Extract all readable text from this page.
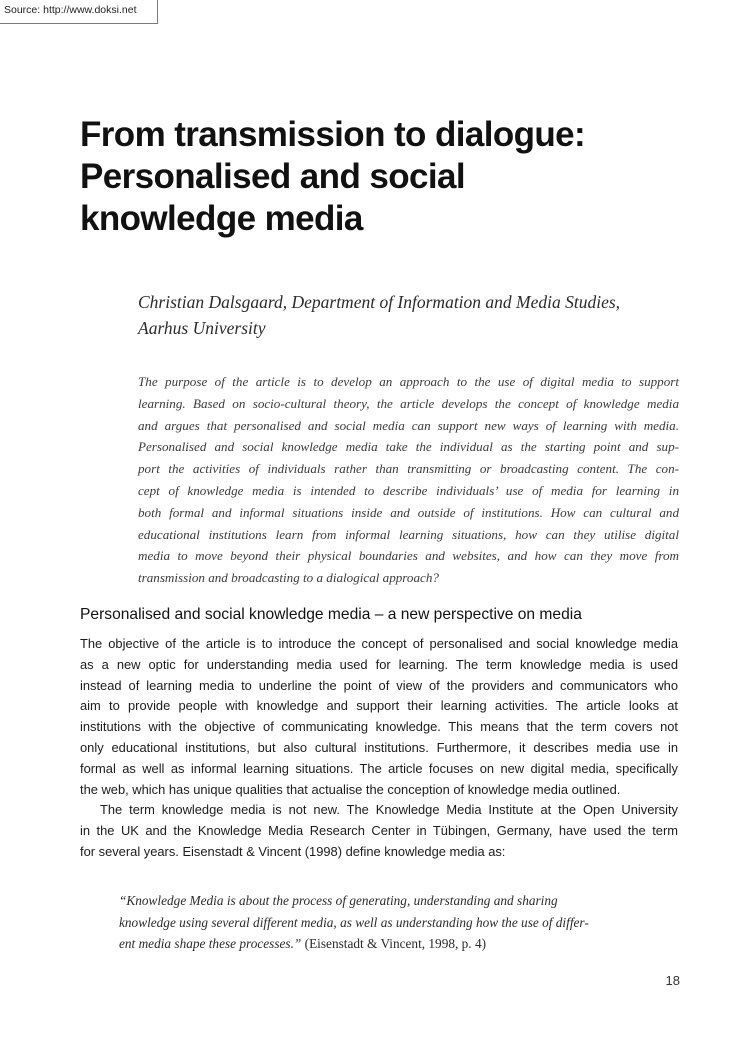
Source: http://www.doksi.net
From transmission to dialogue:
Personalised and social
knowledge media

Christian Dalsgaard, Department of Information and Media Studies,
Aarhus University

The purpose of the article is to develop an approach to the use of digital media to support
learning. Based on socio-cultural theory, the article develops the concept of knowledge media
and argues that personalised and social media can support new ways of learning with media.
Personalised and social knowledge media take the individual as the starting point and sup-
port the activities of individuals rather than transmitting or broadcasting content. The con-
cept of knowledge media is intended to describe individuals’ use of media for learning in
both formal and informal situations inside and outside of institutions. How can cultural and
educational institutions learn from informal learning situations, how can they utilise digital
media to move beyond their physical boundaries and websites, and how can they move from
transmission and broadcasting to a dialogical approach?
Personalised and social knowledge media – a new perspective on media
The objective of the article is to introduce the concept of personalised and social knowledge media
as a new optic for understanding media used for learning. The term knowledge media is used
instead of learning media to underline the point of view of the providers and communicators who
aim to provide people with knowledge and support their learning activities. The article looks at
institutions with the objective of communicating knowledge. This means that the term covers not
only educational institutions, but also cultural institutions. Furthermore, it describes media use in
formal as well as informal learning situations. The article focuses on new digital media, specifically
the web, which has unique qualities that actualise the conception of knowledge media outlined.
The term knowledge media is not new. The Knowledge Media Institute at the Open University
in the UK and the Knowledge Media Research Center in Tübingen, Germany, have used the term
for several years. Eisenstadt & Vincent (1998) define knowledge media as:
“Knowledge Media is about the process of generating, understanding and sharing
knowledge using several different media, as well as understanding how the use of differ-
ent media shape these processes.” (Eisenstadt & Vincent, 1998, p. 4)
18
